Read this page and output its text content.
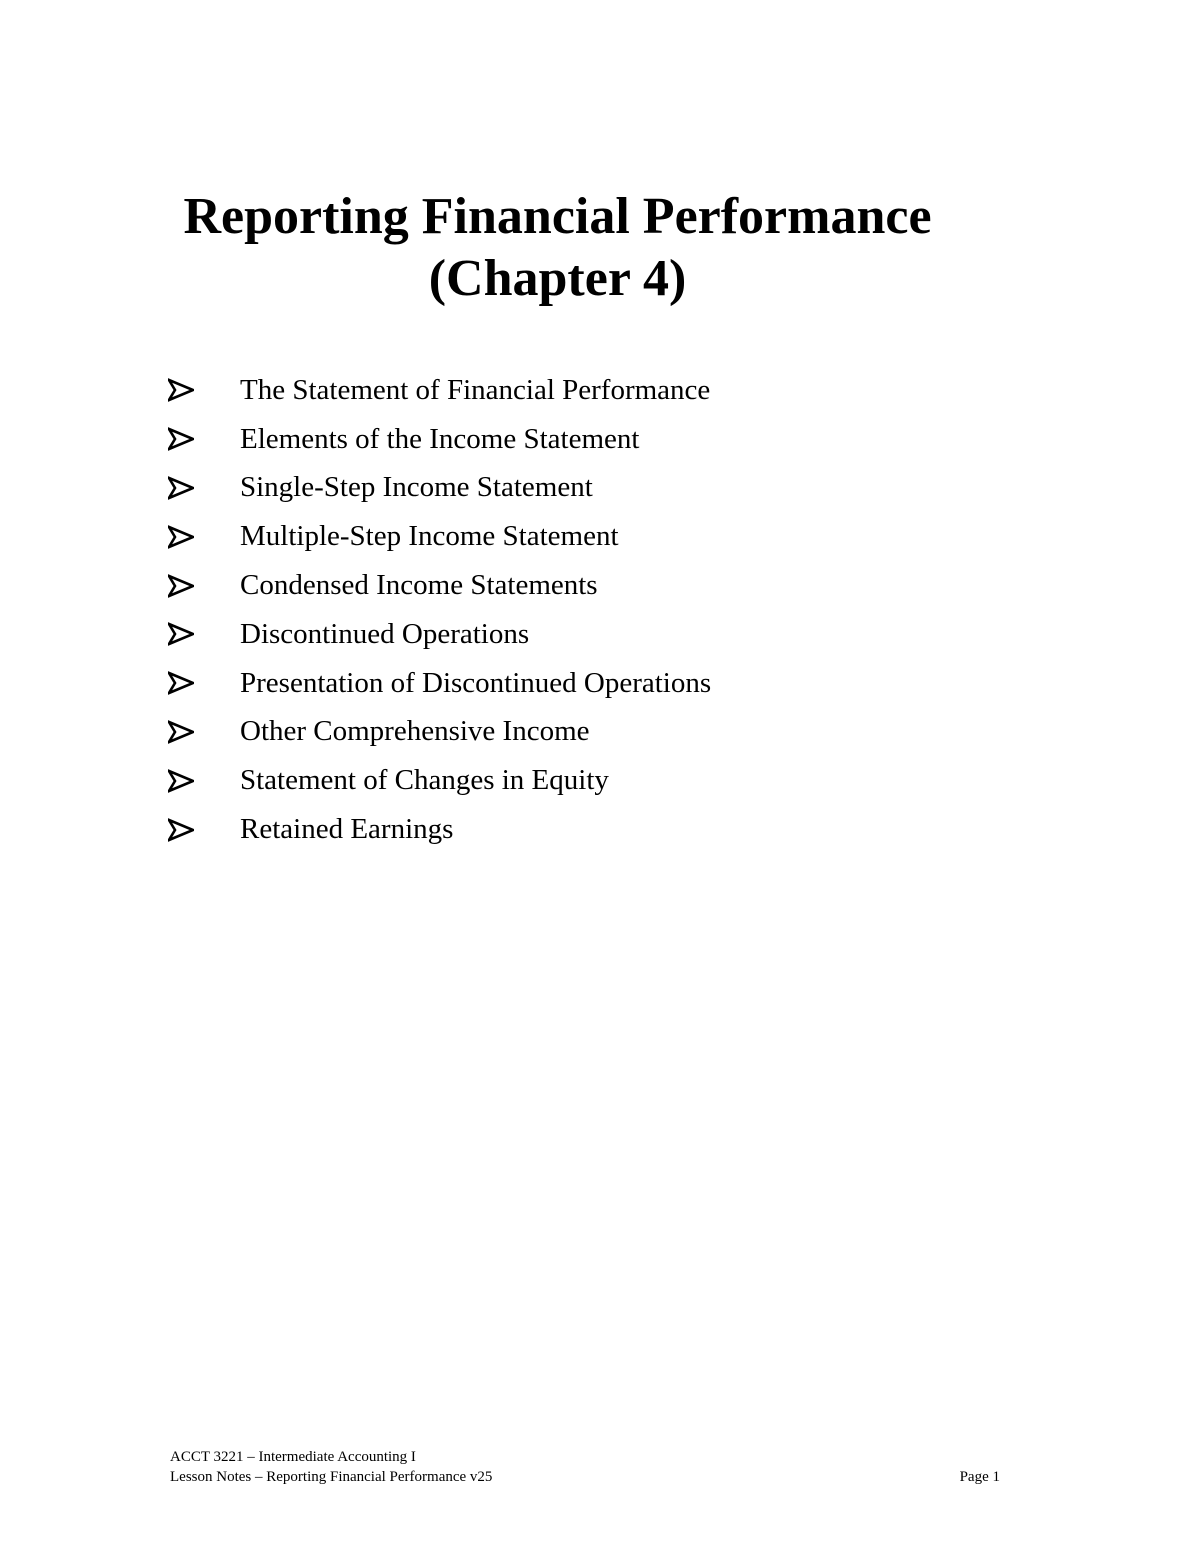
Reporting Financial Performance

(Chapter 4)

The Statement of Financial Performance
Elements of the Income Statement
Single-Step Income Statement
Multiple-Step Income Statement
Condensed Income Statements
Discontinued Operations
Presentation of Discontinued Operations
Other Comprehensive Income
Statement of Changes in Equity
Retained Earnings
ACCT 3221 – Intermediate Accounting I
Lesson Notes – Reporting Financial Performance v25	Page 1
